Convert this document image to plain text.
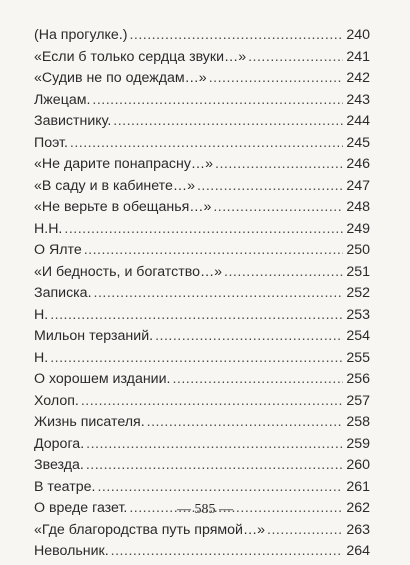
(На прогулке.) .....	240
«Если б только сердца звуки…» .....	241
«Судив не по одеждам…» .....	242
Лжецам. .....	243
Завистнику. .....	244
Поэт. .....	245
«Не дарите понапрасну…» .....	246
«В саду и в кабинете…» .....	247
«Не верьте в обещанья…» .....	248
Н.Н. .....	249
О Ялте .....	250
«И бедность, и богатство…» .....	251
Записка. .....	252
Н. .....	253
Мильон терзаний. .....	254
Н. .....	255
О хорошем издании. .....	256
Холоп. .....	257
Жизнь писателя. .....	258
Дорога. .....	259
Звезда. .....	260
В театре. .....	261
О вреде газет. .....	262
«Где благородства путь прямой…» .....	263
Невольник. .....	264
— 585 —
